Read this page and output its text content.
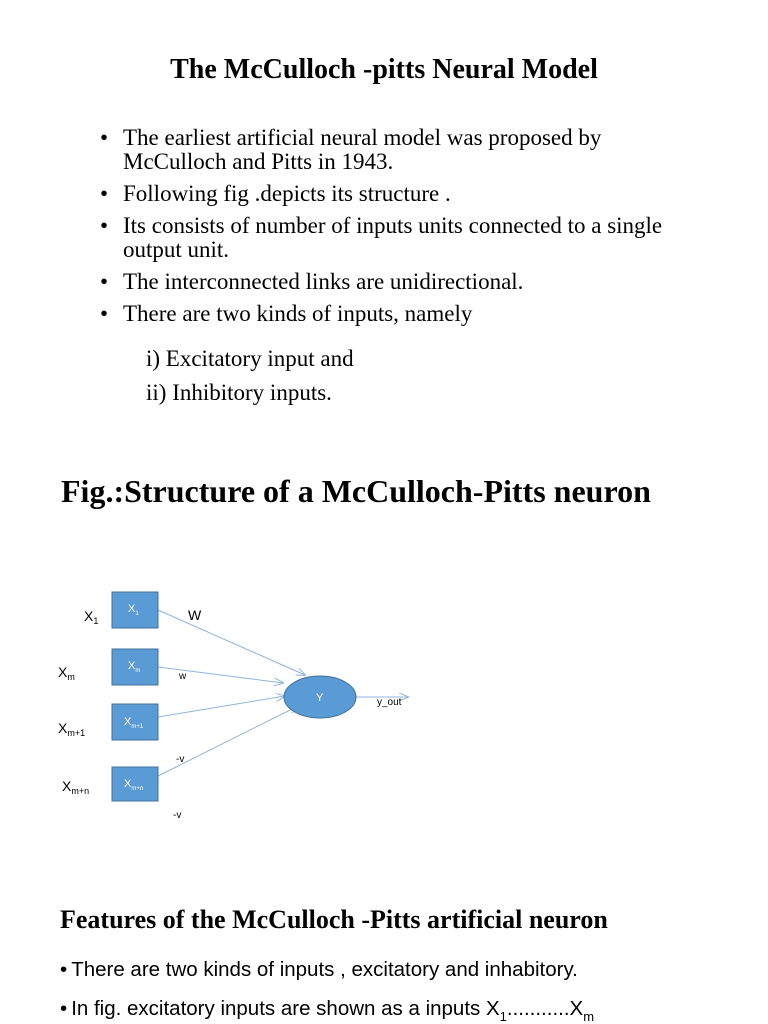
The McCulloch -pitts Neural Model
• The earliest artificial neural model was proposed by McCulloch and Pitts in 1943.
• Following fig .depicts its structure .
• Its consists of number of inputs units connected to a single output unit.
• The interconnected links are unidirectional.
• There are two kinds of inputs, namely
i) Excitatory input and
ii) Inhibitory inputs.
Fig.:Structure of a McCulloch-Pitts neuron
$X_1$
$X_m$
$X_{m+1}$
$X_{m+n}$
$X_1$
$X_m$
$X_{m+1}$
$X_{m+n}$
W
w
-v
-v
Y	y_out
Features of the McCulloch -Pitts artificial neuron
• There are two kinds of inputs , excitatory and inhabitory.
• In fig. excitatory inputs are shown as a inputs $X_1...........X_m$
